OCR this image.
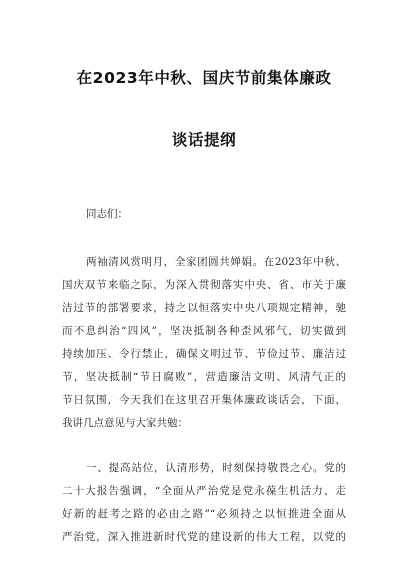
在2023年中秋、国庆节前集体廉政
谈话提纲
同志们：
两袖清风赏明月，全家团圆共婵娟。在2023年中秋、
国庆双节来临之际，为深入贯彻落实中央、省、市关于廉
洁过节的部署要求，持之以恒落实中央八项规定精神，驰
而不息纠治“四风”，坚决抵制各种歪风邪气，切实做到
持续加压、令行禁止，确保文明过节、节俭过节、廉洁过
节，坚决抵制“节日腐败”，营造廉洁文明、风清气正的
节日氛围，今天我们在这里召开集体廉政谈话会，下面，
我讲几点意见与大家共勉：
一、提高站位，认清形势，时刻保持敬畏之心。党的
二十大报告强调，“全面从严治党是党永葆生机活力、走
好新的赶考之路的必由之路”“必须持之以恒推进全面从
严治党，深入推进新时代党的建设新的伟大工程，以党的
